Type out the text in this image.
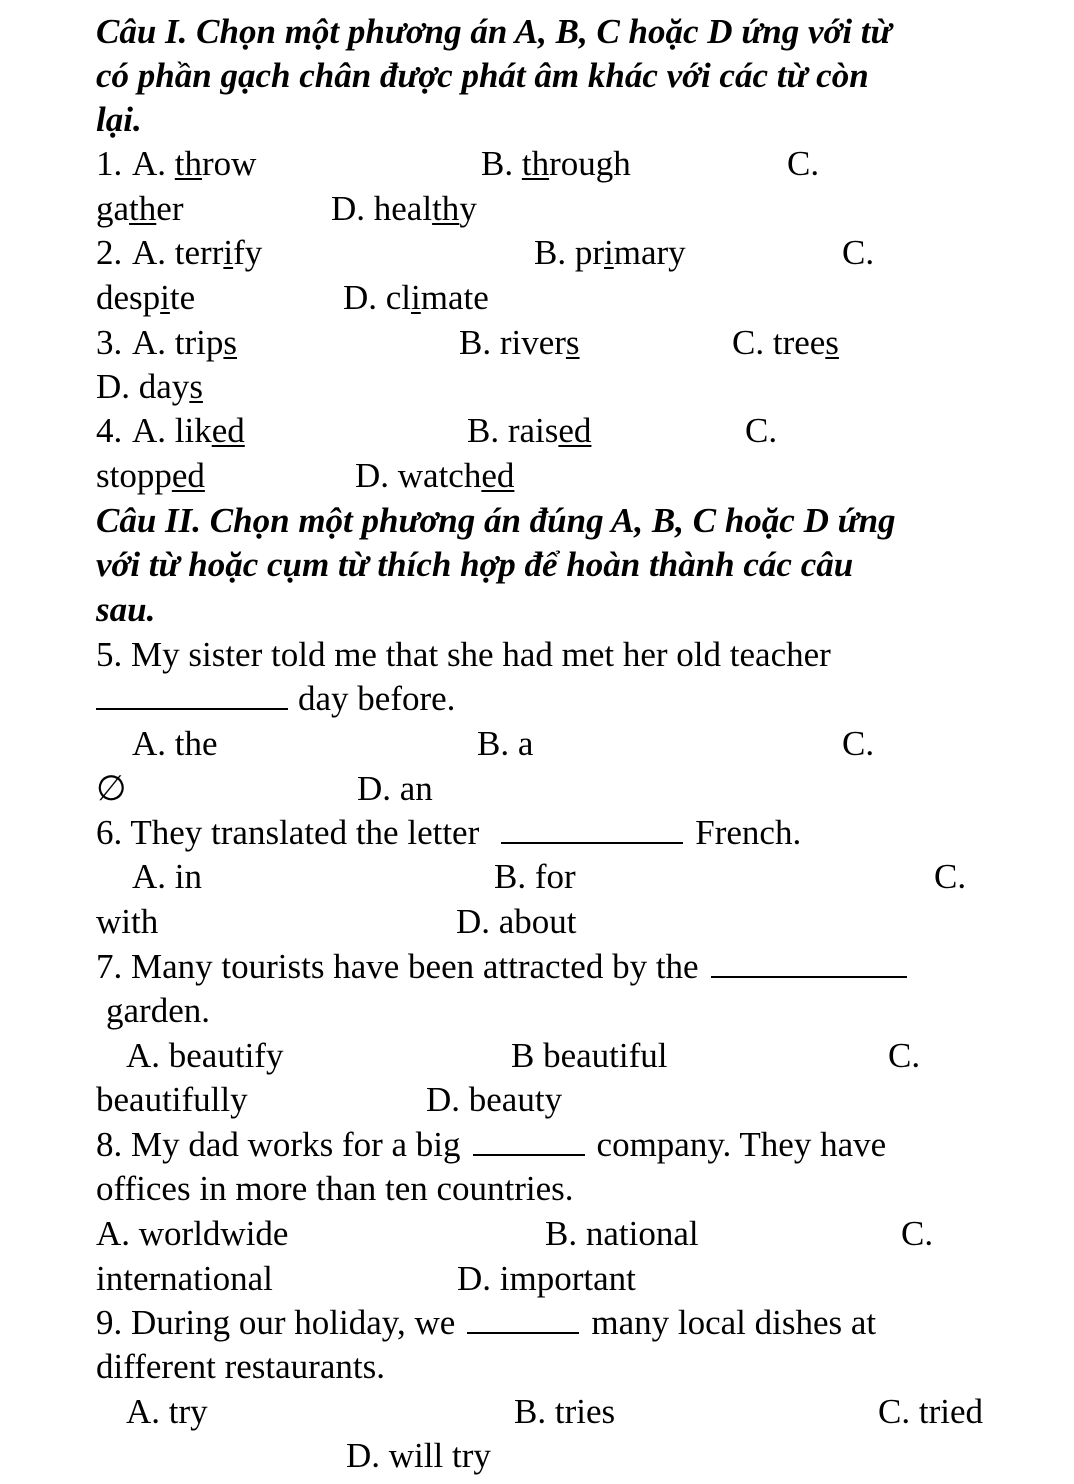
Câu I. Chọn một phương án A, B, C hoặc D ứng với từ
có phần gạch chân được phát âm khác với các từ còn
lại.
1. A. throw	B. through	C.
gather	D. healthy
2. A. terrify	B. primary	C.
despite	D. climate
3. A. trips	B. rivers	C. trees
D. days
4. A. liked	B. raised	C.
stopped	D. watched
Câu II. Chọn một phương án đúng A, B, C hoặc D ứng
với từ hoặc cụm từ thích hợp để hoàn thành các câu
sau.
5. My sister told me that she had met her old teacher
day before.
A. the	B. a	C.
∅	D. an
6. They translated the letter	French.
A. in	B. for	C.
with	D. about
7. Many tourists have been attracted by the
garden.
A. beautify	B beautiful	C.
beautifully	D. beauty
8. My dad works for a big	company. They have
offices in more than ten countries.
A. worldwide	B. national	C.
international	D. important
9. During our holiday, we	many local dishes at
different restaurants.
A. try	B. tries	C. tried
D. will try
